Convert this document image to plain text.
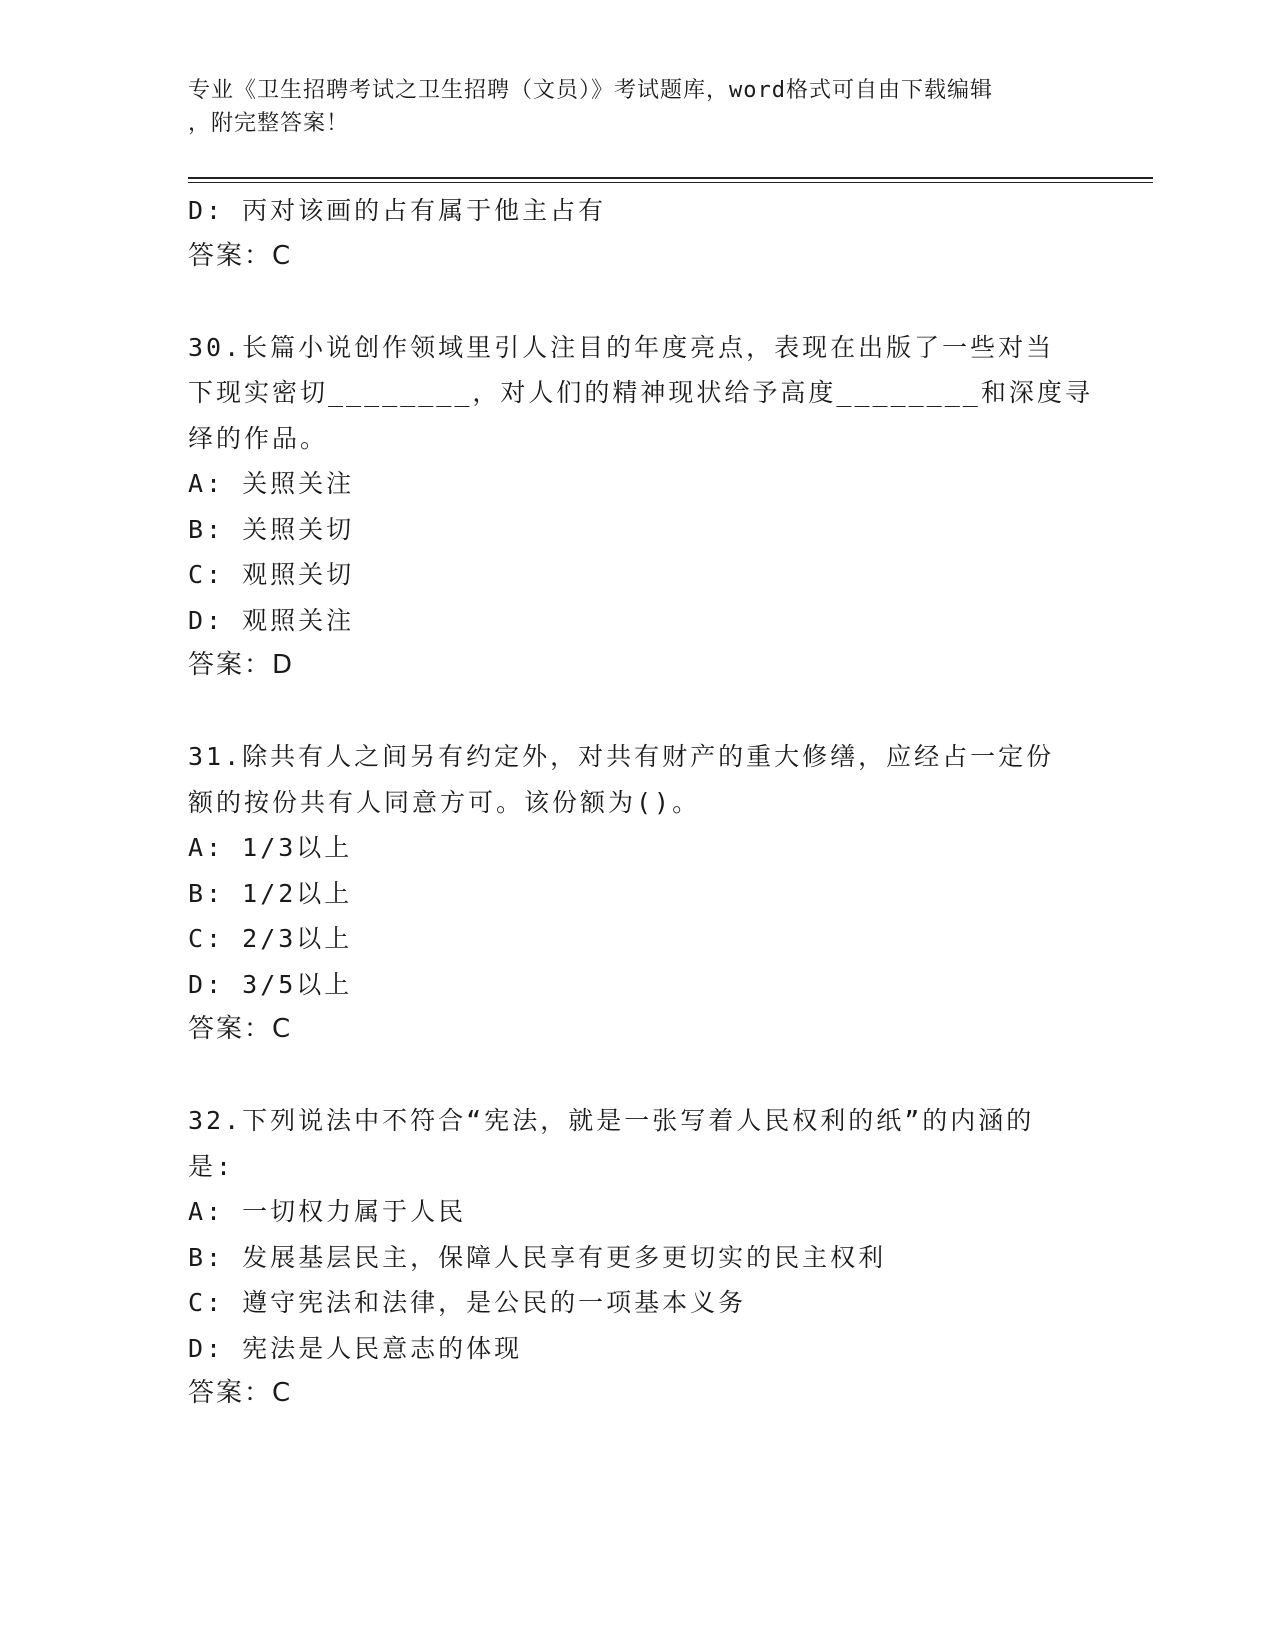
专业《卫生招聘考试之卫生招聘（文员）》考试题库，word格式可自由下载编辑
，附完整答案！
D: 丙对该画的占有属于他主占有
答案：C
30.长篇小说创作领域里引人注目的年度亮点，表现在出版了一些对当
下现实密切________，对人们的精神现状给予高度________和深度寻
绎的作品。
A: 关照关注
B: 关照关切
C: 观照关切
D: 观照关注
答案：D
31.除共有人之间另有约定外，对共有财产的重大修缮，应经占一定份
额的按份共有人同意方可。该份额为()。
A: 1/3以上
B: 1/2以上
C: 2/3以上
D: 3/5以上
答案：C
32.下列说法中不符合“宪法，就是一张写着人民权利的纸”的内涵的
是:
A: 一切权力属于人民
B: 发展基层民主，保障人民享有更多更切实的民主权利
C: 遵守宪法和法律，是公民的一项基本义务
D: 宪法是人民意志的体现
答案：C
